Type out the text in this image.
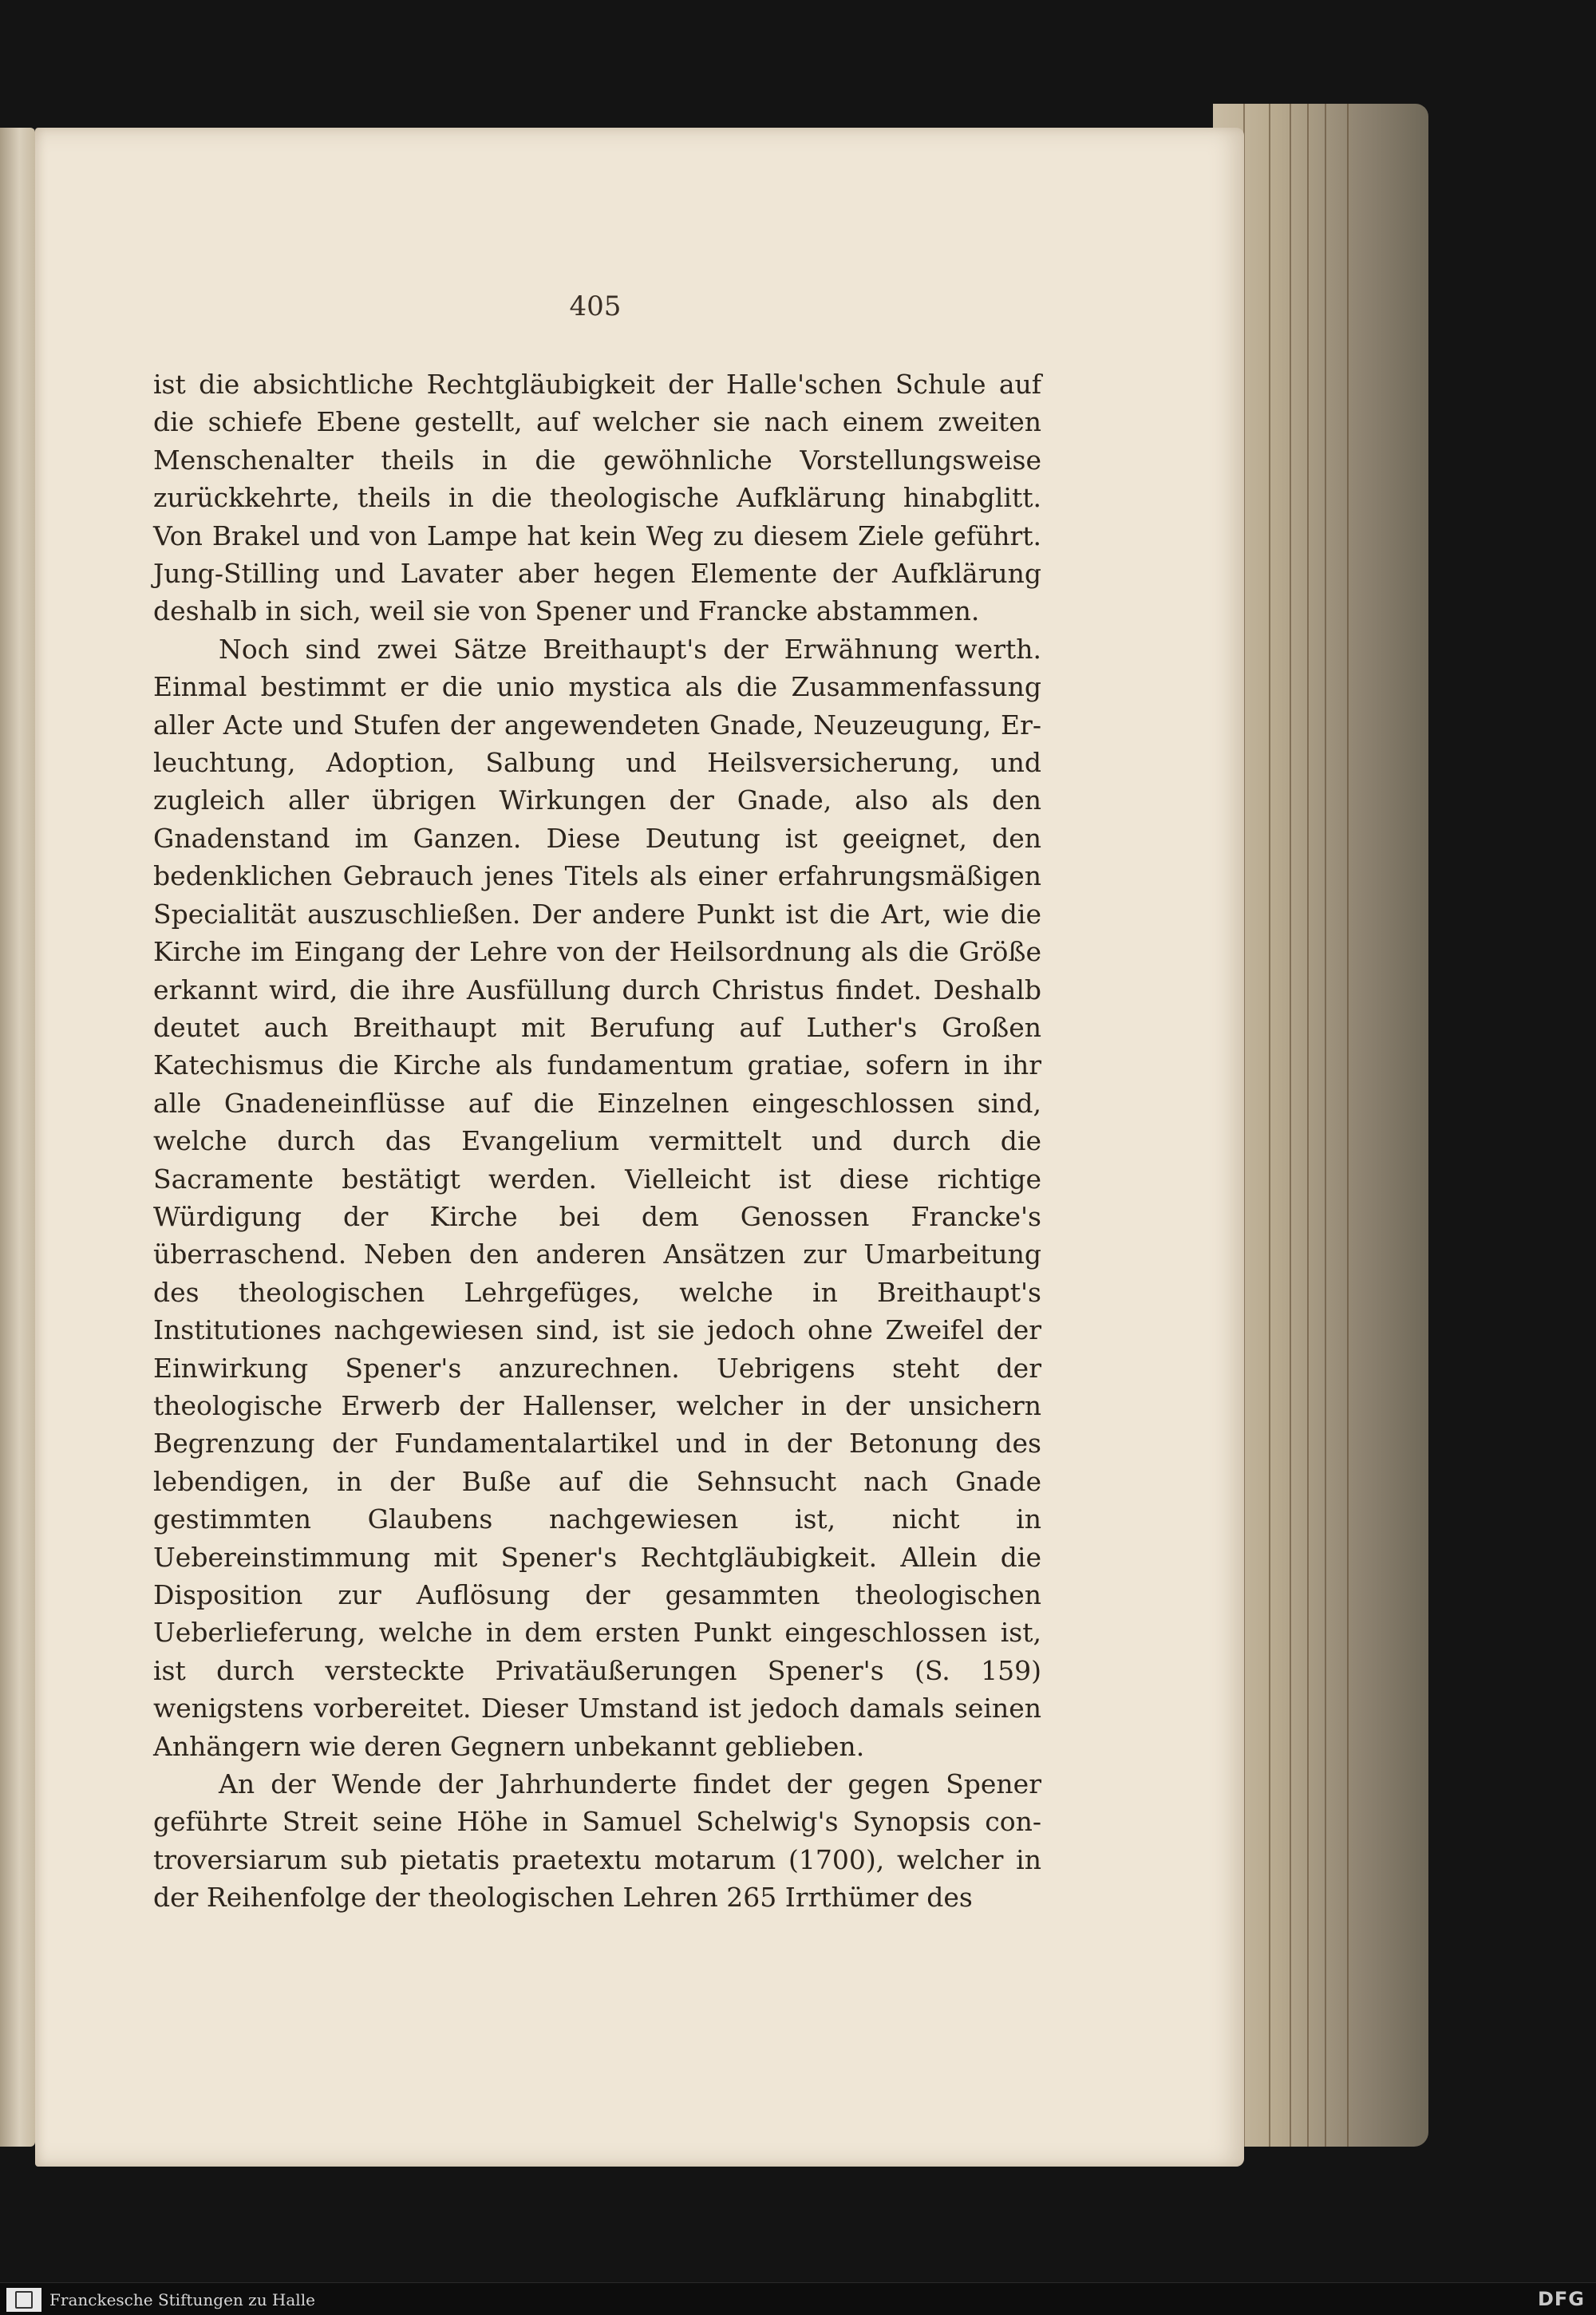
405

ist die absichtliche Rechtgläubigkeit der Halle'schen Schule auf die schiefe Ebene gestellt, auf welcher sie nach einem zweiten Menschenalter theils in die gewöhnliche Vorstellungsweise zurückkehrte, theils in die theologische Aufklärung hinabglitt. Von Brakel und von Lampe hat kein Weg zu diesem Ziele geführt. Jung-Stilling und Lavater aber hegen Elemente der Aufklärung deshalb in sich, weil sie von Spener und Francke abstammen.

Noch sind zwei Sätze Breithaupt's der Erwähnung werth. Einmal bestimmt er die unio mystica als die Zusammenfassung aller Acte und Stufen der angewendeten Gnade, Neuzeugung, Erleuchtung, Adoption, Salbung und Heilsversicherung, und zugleich aller übrigen Wirkungen der Gnade, also als den Gnadenstand im Ganzen. Diese Deutung ist geeignet, den bedenklichen Gebrauch jenes Titels als einer erfahrungsmäßigen Specialität auszuschließen. Der andere Punkt ist die Art, wie die Kirche im Eingang der Lehre von der Heilsordnung als die Größe erkannt wird, die ihre Ausfüllung durch Christus findet. Deshalb deutet auch Breithaupt mit Berufung auf Luther's Großen Katechismus die Kirche als fundamentum gratiae, sofern in ihr alle Gnadeneinflüsse auf die Einzelnen eingeschlossen sind, welche durch das Evangelium vermittelt und durch die Sacramente bestätigt werden. Vielleicht ist diese richtige Würdigung der Kirche bei dem Genossen Francke's überraschend. Neben den anderen Ansätzen zur Umarbeitung des theologischen Lehrgefüges, welche in Breithaupt's Institutiones nachgewiesen sind, ist sie jedoch ohne Zweifel der Einwirkung Spener's anzurechnen. Uebrigens steht der theologische Erwerb der Hallenser, welcher in der unsichern Begrenzung der Fundamentalartikel und in der Betonung des lebendigen, in der Buße auf die Sehnsucht nach Gnade gestimmten Glaubens nachgewiesen ist, nicht in Uebereinstimmung mit Spener's Rechtgläubigkeit. Allein die Disposition zur Auflösung der gesammten theologischen Ueberlieferung, welche in dem ersten Punkt eingeschlossen ist, ist durch versteckte Privatäußerungen Spener's (S. 159) wenigstens vorbereitet. Dieser Umstand ist jedoch damals seinen Anhängern wie deren Gegnern unbekannt geblieben.

An der Wende der Jahrhunderte findet der gegen Spener geführte Streit seine Höhe in Samuel Schelwig's Synopsis controversiarum sub pietatis praetextu motarum (1700), welcher in der Reihenfolge der theologischen Lehren 265 Irrthümer des

Franckesche Stiftungen zu Halle	DFG
